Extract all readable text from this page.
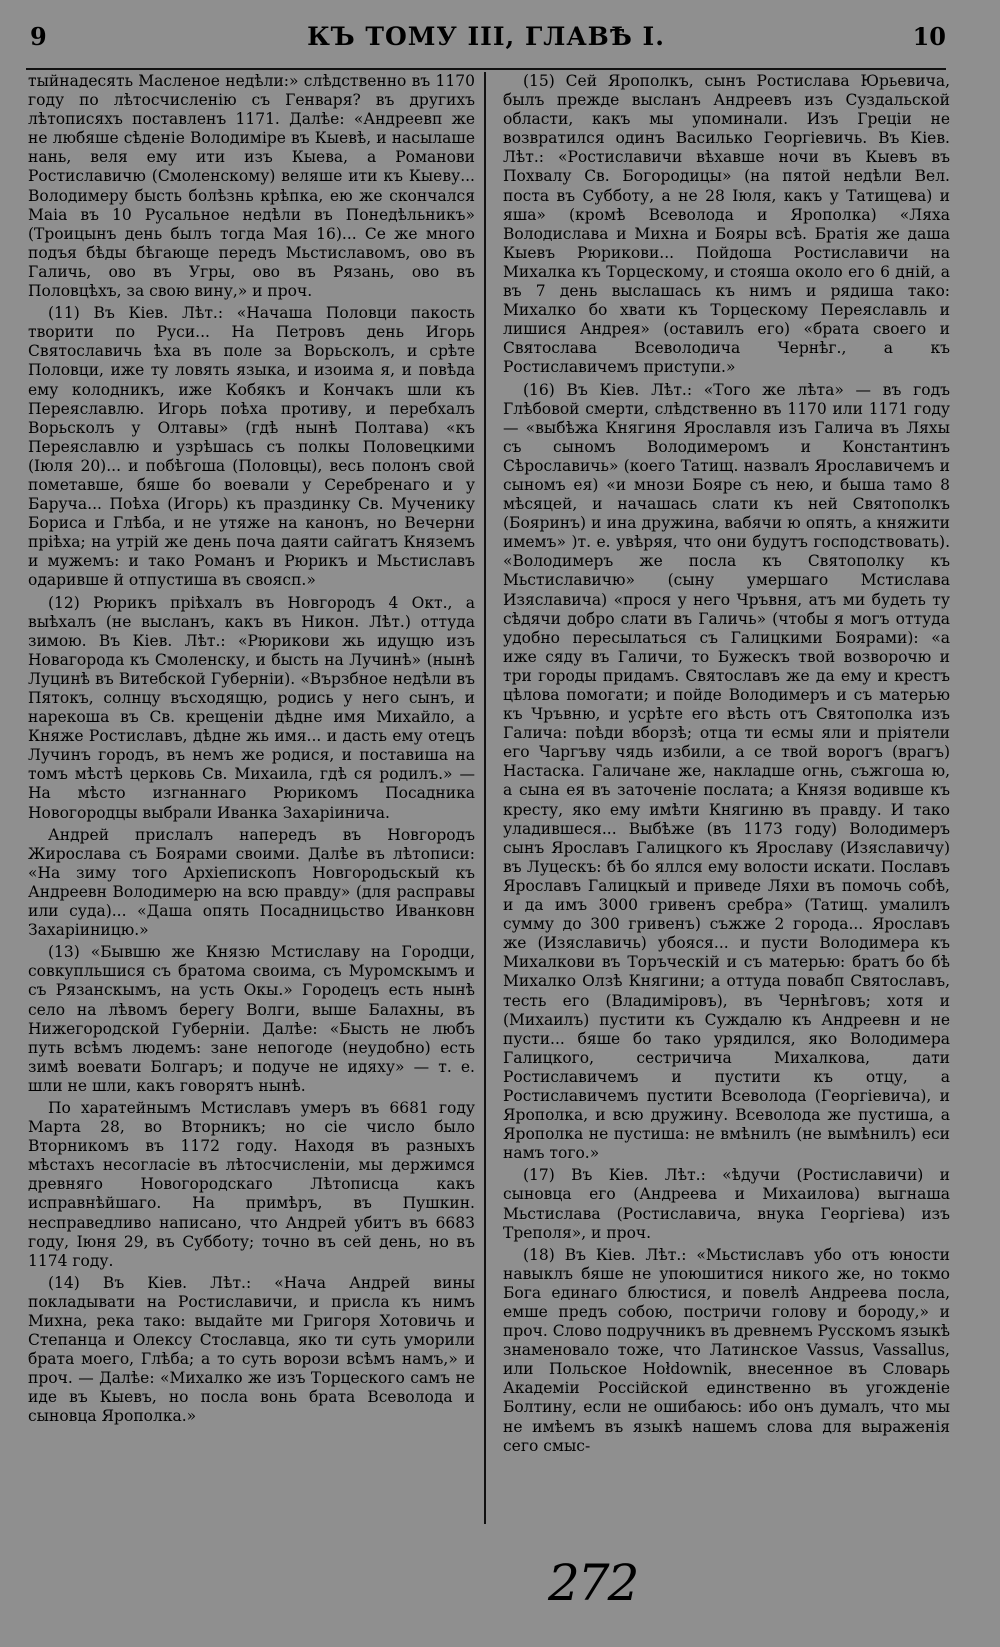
9	КЪ ТОМУ III, ГЛАВѢ I.	10

тыйнадесять Масленое недѣли:» слѣдственно въ 1170 году по лѣтосчисленію съ Генваря? въ другихъ лѣтописяхъ поставленъ 1171. Далѣе: «Андреевп же не любяше сѣденіе Володиміре въ Кыевѣ, и насылаше нань, веля ему ити изъ Кыева, а Романови Ростиславичю (Смоленскому) веляше ити къ Кыеву... Володимеру бысть болѣзнь крѣпка, ею же скончался Маіа въ 10 Русальное недѣли въ Понедѣльникъ» (Троицынъ день былъ тогда Мая 16)... Се же много подъя бѣды бѣгающе передъ Мьстиславомъ, ово въ Галичь, ово въ Угры, ово въ Рязань, ово въ Половцѣхъ, за свою вину,» и проч.

(11) Въ Кіев. Лѣт.: «Начаша Половци пакость творити по Руси... На Петровъ день Игорь Святославичь ѣха въ поле за Ворьсколъ, и срѣте Половци, иже ту ловять языка, и изоима я, и повѣда ему колодникъ, иже Кобякъ и Кончакъ шли къ Переяславлю. Игорь поѣха противу, и перебхалъ Ворьсколъ у Олтавы» (гдѣ нынѣ Полтава) «къ Переяславлю и узрѣшась съ полкы Половецкими (Іюля 20)... и побѣгоша (Половцы), весь полонъ свой пометавше, бяше бо воевали у Серебренаго и у Баруча... Поѣха (Игорь) къ праздинку Св. Мученику Бориса и Глѣба, и не утяже на канонъ, но Вечерни пріѣха; на утрій же день поча даяти сайгатъ Княземъ и мужемъ: и тако Романъ и Рюрикъ и Мьстиславъ одаривше й отпустиша въ своясп.»

(12) Рюрикъ пріѣхалъ въ Новгородъ 4 Окт., а выѣхалъ (не высланъ, какъ въ Никон. Лѣт.) оттуда зимою. Въ Кіев. Лѣт.: «Рюрикови жь идущю изъ Новагорода къ Смоленску, и бысть на Лучинѣ» (нынѣ Луцинѣ въ Витебской Губерніи). «Вързбное недѣли въ Пятокъ, солнцу въсходящю, родись у него сынъ, и нарекоша въ Св. крещеніи дѣдне имя Михайло, а Княже Ростиславъ, дѣдне жь имя... и дасть ему отецъ Лучинъ городъ, въ немъ же родися, и поставиша на томъ мѣстѣ церковь Св. Михаила, гдѣ ся родилъ.» — На мѣсто изгнаннаго Рюрикомъ Посадника Новогородцы выбрали Иванка Захаріинича.

Андрей прислалъ напередъ въ Новгородъ Жирослава съ Боярами своими. Далѣе въ лѣтописи: «На зиму того Архіепископъ Новгородьскый къ Андреевн Володимерю на всю правду» (для расправы или суда)... «Даша опять Посадницьство Иванковн Захаріиницю.»

(13) «Бывшю же Князю Мстиславу на Городци, совкупльшися съ братома своима, съ Муромскымъ и съ Рязанскымъ, на усть Окы.» Городецъ есть нынѣ село на лѣвомъ берегу Волги, выше Балахны, въ Нижегородской Губерніи. Далѣе: «Бысть не любъ путь всѣмъ людемъ: зане непогоде (неудобно) есть зимѣ воевати Болгаръ; и подуче не идяху» — т. е. шли не шли, какъ говорятъ нынѣ.

По харатейнымъ Мстиславъ умеръ въ 6681 году Марта 28, во Вторникъ; но сіе число было Вторникомъ въ 1172 году. Находя въ разныхъ мѣстахъ несогласіе въ лѣтосчисленіи, мы держимся древняго Новогородскаго Лѣтописца какъ исправнѣйшаго. На примѣръ, въ Пушкин. несправедливо написано, что Андрей убитъ въ 6683 году, Іюня 29, въ Субботу; точно въ сей день, но въ 1174 году.

(14) Въ Кіев. Лѣт.: «Нача Андрей вины покладывати на Ростиславичи, и присла къ нимъ Михна, река тако: выдайте ми Григоря Хотовичь и Степанца и Олексу Стославца, яко ти суть уморили брата моего, Глѣба; а то суть ворози всѣмъ намъ,» и проч. — Далѣе: «Михалко же изъ Торцеского самъ не иде въ Кыевъ, но посла вонь брата Всеволода и сыновца Ярополка.»

(15) Сей Ярополкъ, сынъ Ростислава Юрьевича, былъ прежде высланъ Андреевъ изъ Суздальской области, какъ мы упоминали. Изъ Греціи не возвратился одинъ Василько Георгіевичь. Въ Кіев. Лѣт.: «Ростиславичи вѣхавше ночи въ Кыевъ въ Похвалу Св. Богородицы» (на пятой недѣли Вел. поста въ Субботу, а не 28 Іюля, какъ у Татищева) и яша» (кромѣ Всеволода и Ярополка) «Ляха Володислава и Михна и Бояры всѣ. Братія же даша Кыевъ Рюрикови... Пойдоша Ростиславичи на Михалка къ Торцескому, и стояша около его 6 дній, а въ 7 день выслашась къ нимъ и рядиша тако: Михалко бо хвати къ Торцескому Переяславль и лишися Андрея» (оставилъ его) «брата своего и Святослава Всеволодича Чернѣг., а къ Ростиславичемъ приступи.»

(16) Въ Кіев. Лѣт.: «Того же лѣта» — въ годъ Глѣбовой смерти, слѣдственно въ 1170 или 1171 году — «выбѣжа Княгиня Ярославля изъ Галича въ Ляхы съ сыномъ Володимеромъ и Константинъ Сѣрославичь» (коего Татищ. назвалъ Ярославичемъ и сыномъ ея) «и мнози Бояре съ нею, и быша тамо 8 мѣсяцей, и начашась слати къ ней Святополкъ (Бояринъ) и ина дружина, вабячи ю опять, а княжити имемъ» )т. е. увѣряя, что они будутъ господствовать). «Володимеръ же посла къ Святополку къ Мьстиславичю» (сыну умершаго Мстислава Изяславича) «прося у него Чръвня, атъ ми будеть ту сѣдячи добро слати въ Галичь» (чтобы я могъ оттуда удобно пересылаться съ Галицкими Боярами): «а иже сяду въ Галичи, то Бужескъ твой возворочю и три городы придамъ. Святославъ же да ему и крестъ цѣлова помогати; и пойде Володимеръ и съ матерью къ Чръвню, и усрѣте его вѣсть отъ Святополка изъ Галича: поѣди вборзѣ; отца ти есмы яли и пріятели его Чаргъву чядь избили, а се твой ворогъ (врагъ) Настаска. Галичане же, накладше огнь, съжгоша ю, а сына ея въ заточеніе послата; а Князя водивше къ кресту, яко ему имѣти Княгиню въ правду. И тако уладившеся... Выбѣже (въ 1173 году) Володимеръ сынъ Ярославъ Галицкого къ Ярославу (Изяславичу) въ Луцескъ: бѣ бо яллся ему волости искати. Пославъ Ярославъ Галицкый и приведе Ляхи въ помочь собѣ, и да имъ 3000 гривенъ сребра» (Татищ. умалилъ сумму до 300 гривенъ) съжже 2 города... Ярославъ же (Изяславичь) убояся... и пусти Володимера къ Михалкови въ Торъческій и съ матерью: братъ бо бѣ Михалко Олзѣ Княгини; а оттуда повабп Святославъ, тесть его (Владиміровъ), въ Чернѣговъ; хотя и (Михаилъ) пустити къ Суждалю къ Андреевн и не пусти... бяше бо тако урядился, яко Володимера Галицкого, сестричича Михалкова, дати Ростиславичемъ и пустити къ отцу, а Ростиславичемъ пустити Всеволода (Георгіевича), и Ярополка, и всю дружину. Всеволода же пустиша, а Ярополка не пустиша: не вмѣнилъ (не вымѣнилъ) еси намъ того.»

(17) Въ Кіев. Лѣт.: «ѣдучи (Ростиславичи) и сыновца его (Андреева и Михаилова) выгнаша Мьстислава (Ростиславича, внука Георгіева) изъ Треполя», и проч.

(18) Въ Кіев. Лѣт.: «Мьстиславъ убо отъ юности навыклъ бяше не упоюшитися никого же, но токмо Бога единаго блюстися, и повелѣ Андреева посла, емше предъ собою, постричи голову и бороду,» и проч. Слово подручникъ въ древнемъ Русскомъ языкѣ знаменовало тоже, что Латинское Vassus, Vassallus, или Польское Hołdownik, внесенное въ Словарь Академіи Россійской единственно въ угожденіе Болтину, если не ошибаюсь: ибо онъ думалъ, что мы не имѣемъ въ языкѣ нашемъ слова для выраженія сего смыс-

272
